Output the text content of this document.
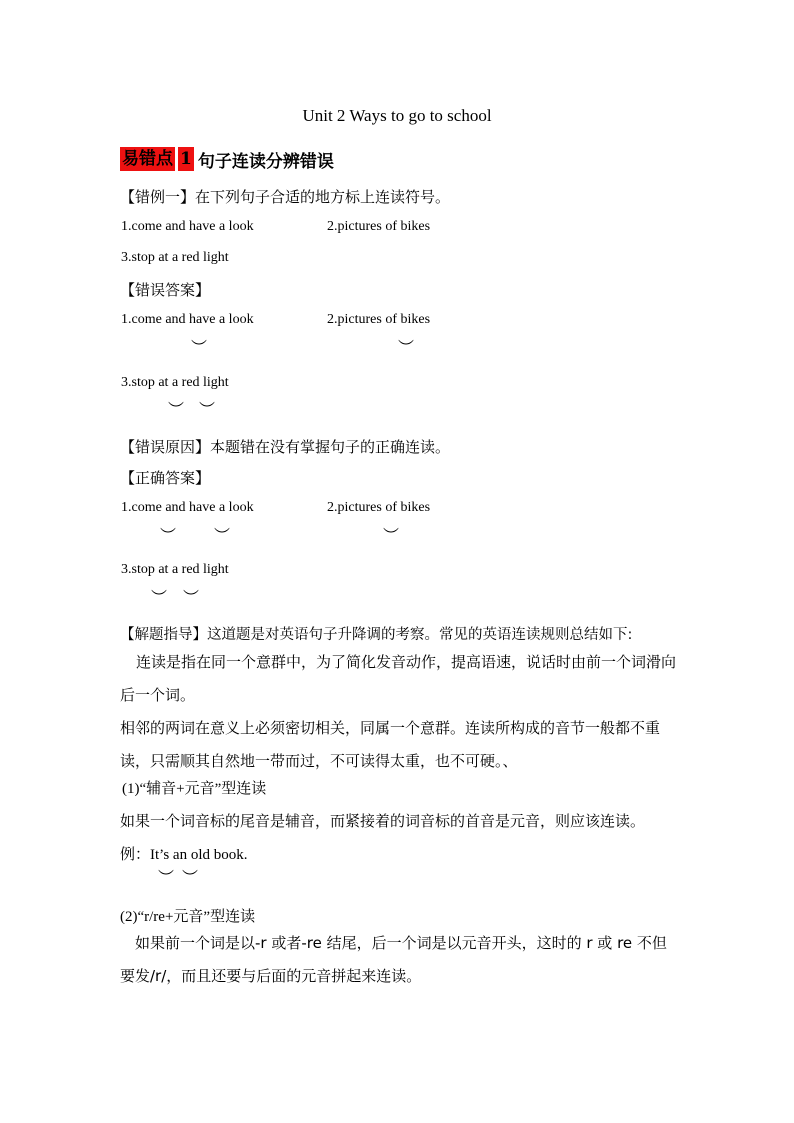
Unit 2 Ways to go to school
易错点 1 句子连读分辨错误
【错例一】在下列句子合适的地方标上连读符号。
1.come and have a look	2.pictures of bikes
3.stop at a red light
【错误答案】
1.come and have a look	2.pictures of bikes
︶	︶
3.stop at a red light
︶ ︶
【错误原因】本题错在没有掌握句子的正确连读。
【正确答案】
1.come and have a look	2.pictures of bikes
︶ ︶	︶
3.stop at a red light
︶ ︶
【解题指导】这道题是对英语句子升降调的考察。常见的英语连读规则总结如下:
连读是指在同一个意群中，为了简化发音动作，提高语速，说话时由前一个词滑向后一个词。
相邻的两词在意义上必须密切相关，同属一个意群。连读所构成的音节一般都不重读，只需顺其自然地一带而过，不可读得太重，也不可硬。、
(1)“辅音+元音”型连读
如果一个词音标的尾音是辅音，而紧接着的词音标的首音是元音，则应该连读。
例：It’s an old book.
︶ ︶
(2)“r/re+元音”型连读
如果前一个词是以-r 或者-re 结尾，后一个词是以元音开头，这时的 r 或 re 不但要发/r/，而且还要与后面的元音拼起来连读。
